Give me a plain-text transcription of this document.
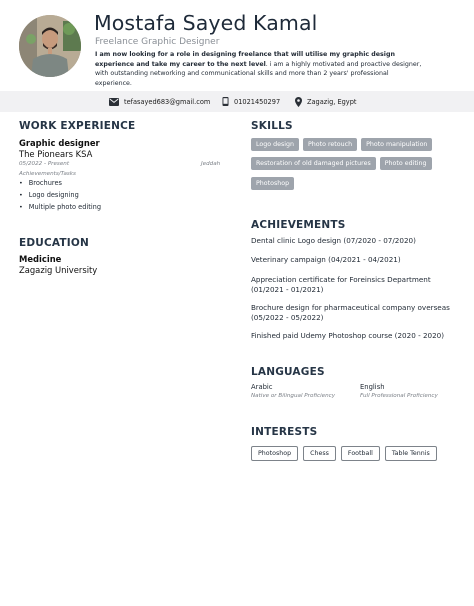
Mostafa Sayed Kamal
Freelance Graphic Designer
I am now looking for a role in designing freelance that will utilise my graphic design experience and take my career to the next level. i am a highly motivated and proactive designer, with outstanding networking and communicational skills and more than 2 years' professional experience.
tefasayed683@gmail.com	01021450297	Zagazig, Egypt
WORK EXPERIENCE
Graphic designer
The Pionears KSA
05/2022 - Present	Jeddah
Achievements/Tasks
• Brochures
• Logo designing
• Multiple photo editing
EDUCATION
Medicine
Zagazig University
SKILLS
Logo design	Photo retouch	Photo manipulation
Restoration of old damaged pictures	Photo editing
Photoshop
ACHIEVEMENTS
Dental clinic Logo design (07/2020 - 07/2020)
Veterinary campaign (04/2021 - 04/2021)
Appreciation certificate for Foreinsics Department (01/2021 - 01/2021)
Brochure design for pharmaceutical company overseas (05/2022 - 05/2022)
Finished paid Udemy Photoshop course (2020 - 2020)
LANGUAGES
Arabic
Native or Bilingual Proficiency
English
Full Professional Proficiency
INTERESTS
Photoshop	Chess	Football	Table Tennis
